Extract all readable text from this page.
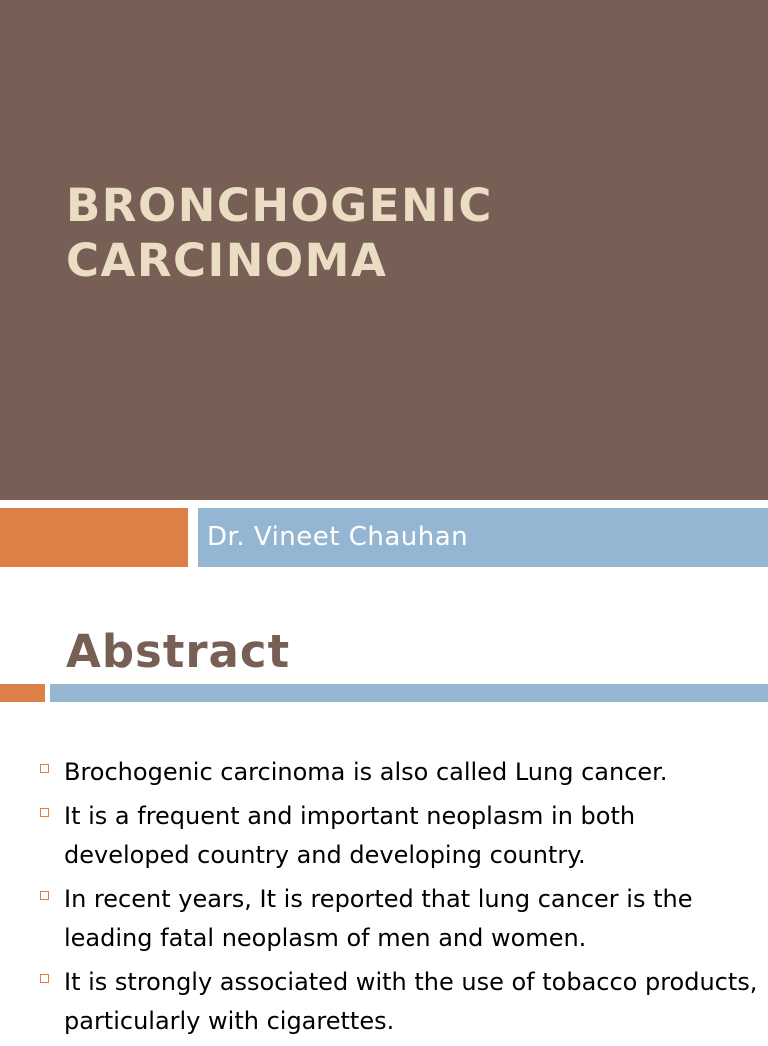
BRONCHOGENIC
CARCINOMA

Dr. Vineet Chauhan

Abstract
Brochogenic carcinoma is also called Lung cancer.
It is a frequent and important neoplasm in both developed country and developing country.
In recent years, It is reported that lung cancer is the leading fatal neoplasm of men and women.
It is strongly associated with the use of tobacco products, particularly with cigarettes.
